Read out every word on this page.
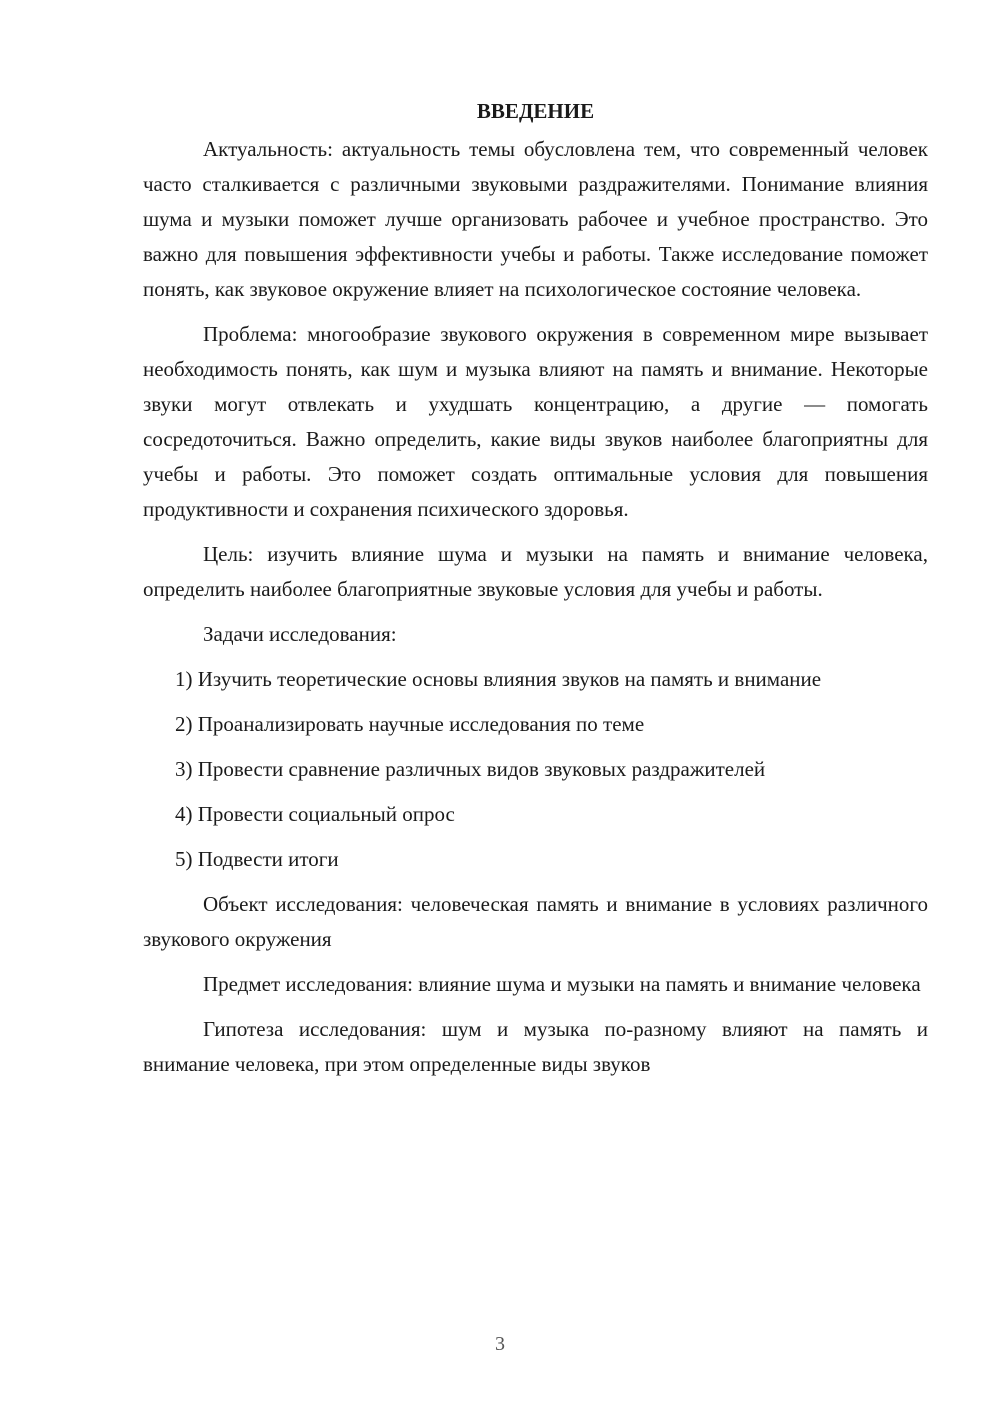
ВВЕДЕНИЕ

Актуальность: актуальность темы обусловлена тем, что современный человек часто сталкивается с различными звуковыми раздражителями. Понимание влияния шума и музыки поможет лучше организовать рабочее и учебное пространство. Это важно для повышения эффективности учебы и работы. Также исследование поможет понять, как звуковое окружение влияет на психологическое состояние человека.

Проблема: многообразие звукового окружения в современном мире вызывает необходимость понять, как шум и музыка влияют на память и внимание. Некоторые звуки могут отвлекать и ухудшать концентрацию, а другие — помогать сосредоточиться. Важно определить, какие виды звуков наиболее благоприятны для учебы и работы. Это поможет создать оптимальные условия для повышения продуктивности и сохранения психического здоровья.

Цель: изучить влияние шума и музыки на память и внимание человека, определить наиболее благоприятные звуковые условия для учебы и работы.

Задачи исследования:

1) Изучить теоретические основы влияния звуков на память и внимание

2) Проанализировать научные исследования по теме

3) Провести сравнение различных видов звуковых раздражителей

4) Провести социальный опрос

5) Подвести итоги

Объект исследования: человеческая память и внимание в условиях различного звукового окружения

Предмет исследования: влияние шума и музыки на память и внимание человека

Гипотеза исследования: шум и музыка по-разному влияют на память и внимание человека, при этом определенные виды звуков

3
